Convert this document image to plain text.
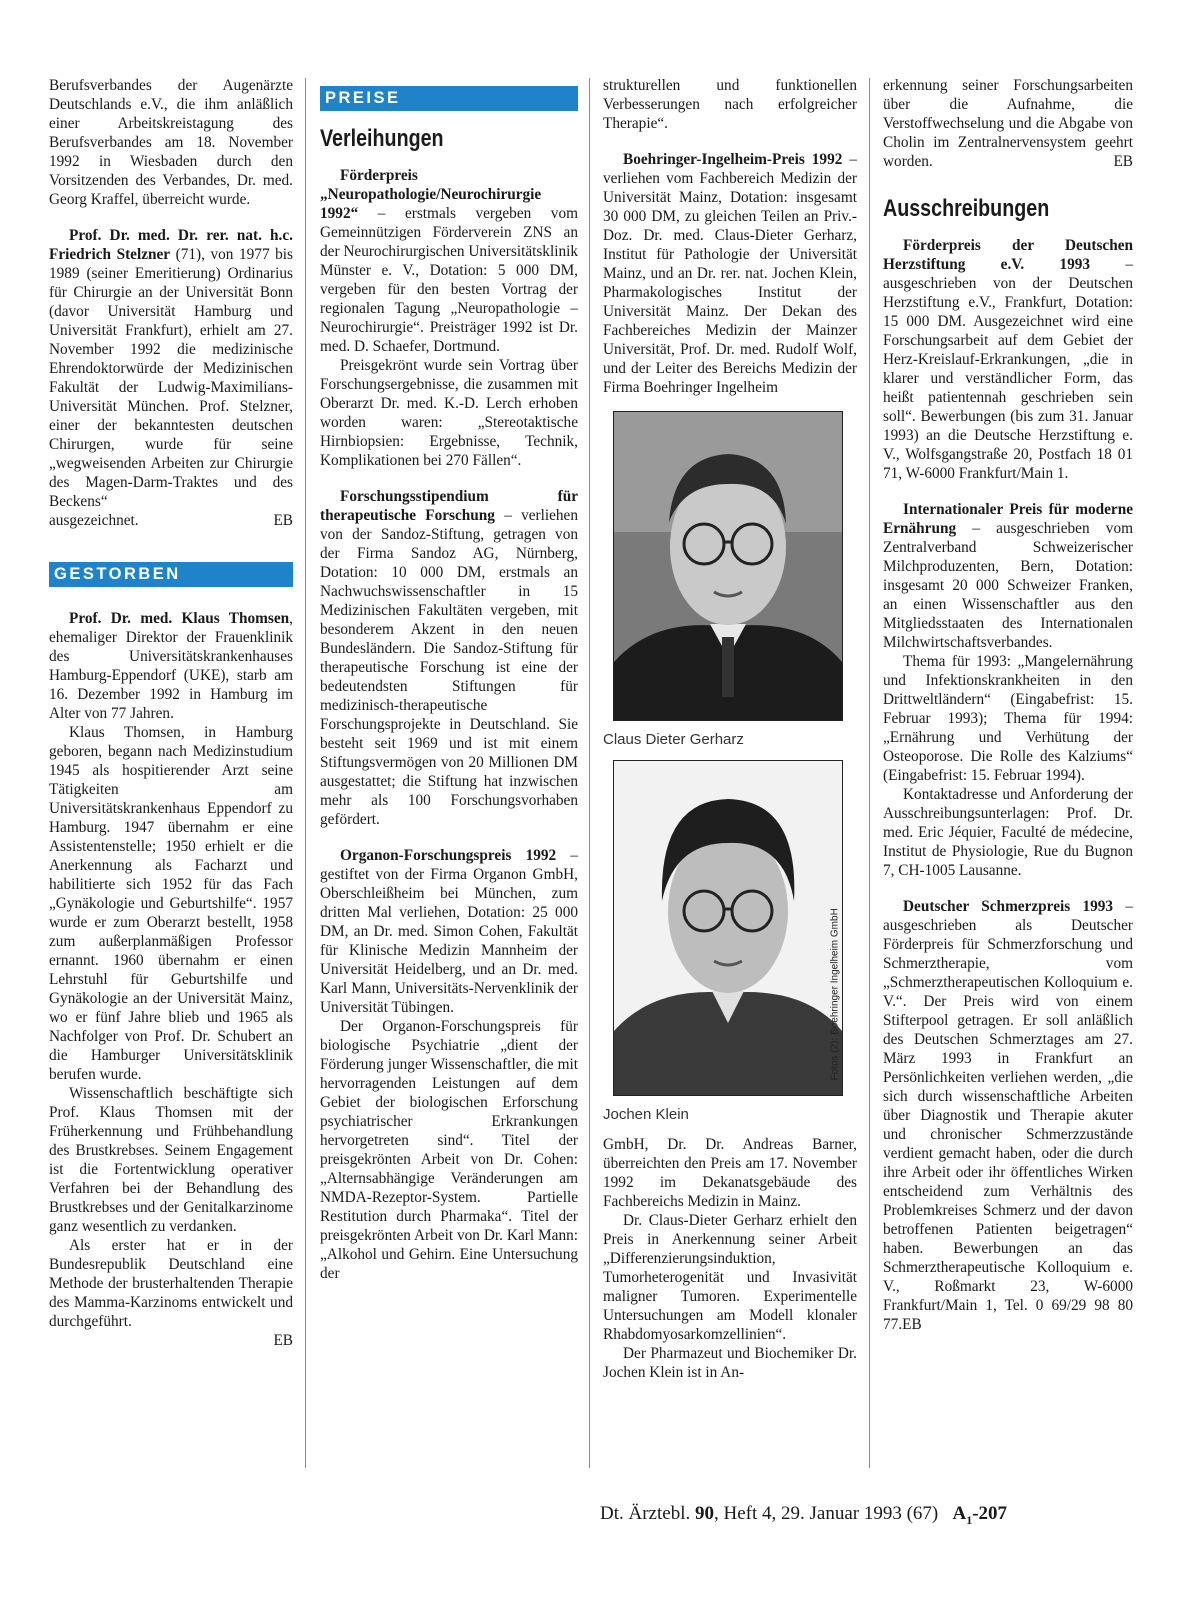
Berufsverbandes der Augenärzte Deutschlands e.V., die ihm anläßlich einer Arbeitskreistagung des Berufsverbandes am 18. November 1992 in Wiesbaden durch den Vorsitzenden des Verbandes, Dr. med. Georg Kraffel, überreicht wurde.

Prof. Dr. med. Dr. rer. nat. h.c. Friedrich Stelzner (71), von 1977 bis 1989 (seiner Emeritierung) Ordinarius für Chirurgie an der Universität Bonn (davor Universität Hamburg und Universität Frankfurt), erhielt am 27. November 1992 die medizinische Ehrendoktorwürde der Medizinischen Fakultät der Ludwig-Maximilians-Universität München. Prof. Stelzner, einer der bekanntesten deutschen Chirurgen, wurde für seine „wegweisenden Arbeiten zur Chirurgie des Magen-Darm-Traktes und des Beckens“

ausgezeichnet.	EB
GESTORBEN

Prof. Dr. med. Klaus Thomsen, ehemaliger Direktor der Frauenklinik des Universitätskrankenhauses Hamburg-Eppendorf (UKE), starb am 16. Dezember 1992 in Hamburg im Alter von 77 Jahren.

Klaus Thomsen, in Hamburg geboren, begann nach Medizinstudium 1945 als hospitierender Arzt seine Tätigkeiten am Universitätskrankenhaus Eppendorf zu Hamburg. 1947 übernahm er eine Assistentenstelle; 1950 erhielt er die Anerkennung als Facharzt und habilitierte sich 1952 für das Fach „Gynäkologie und Geburtshilfe“. 1957 wurde er zum Oberarzt bestellt, 1958 zum außerplanmäßigen Professor ernannt. 1960 übernahm er einen Lehrstuhl für Geburtshilfe und Gynäkologie an der Universität Mainz, wo er fünf Jahre blieb und 1965 als Nachfolger von Prof. Dr. Schubert an die Hamburger Universitätsklinik berufen wurde.

Wissenschaftlich beschäftigte sich Prof. Klaus Thomsen mit der Früherkennung und Frühbehandlung des Brustkrebses. Seinem Engagement ist die Fortentwicklung operativer Verfahren bei der Behandlung des Brustkrebses und der Genitalkarzinome ganz wesentlich zu verdanken.

Als erster hat er in der Bundesrepublik Deutschland eine Methode der brusterhaltenden Therapie des Mamma-Karzinoms entwickelt und durchgeführt.

EB
PREISE
Verleihungen

Förderpreis „Neuropathologie/Neurochirurgie 1992“ – erstmals vergeben vom Gemeinnützigen Förderverein ZNS an der Neurochirurgischen Universitätsklinik Münster e. V., Dotation: 5 000 DM, vergeben für den besten Vortrag der regionalen Tagung „Neuropathologie – Neurochirurgie“. Preisträger 1992 ist Dr. med. D. Schaefer, Dortmund.

Preisgekrönt wurde sein Vortrag über Forschungsergebnisse, die zusammen mit Oberarzt Dr. med. K.-D. Lerch erhoben worden waren: „Stereotaktische Hirnbiopsien: Ergebnisse, Technik, Komplikationen bei 270 Fällen“.

Forschungsstipendium für therapeutische Forschung – verliehen von der Sandoz-Stiftung, getragen von der Firma Sandoz AG, Nürnberg, Dotation: 10 000 DM, erstmals an Nachwuchswissenschaftler in 15 Medizinischen Fakultäten vergeben, mit besonderem Akzent in den neuen Bundesländern. Die Sandoz-Stiftung für therapeutische Forschung ist eine der bedeutendsten Stiftungen für medizinisch-therapeutische Forschungsprojekte in Deutschland. Sie besteht seit 1969 und ist mit einem Stiftungsvermögen von 20 Millionen DM ausgestattet; die Stiftung hat inzwischen mehr als 100 Forschungsvorhaben gefördert.

Organon-Forschungspreis 1992 – gestiftet von der Firma Organon GmbH, Oberschleißheim bei München, zum dritten Mal verliehen, Dotation: 25 000 DM, an Dr. med. Simon Cohen, Fakultät für Klinische Medizin Mannheim der Universität Heidelberg, und an Dr. med. Karl Mann, Universitäts-Nervenklinik der Universität Tübingen.

Der Organon-Forschungspreis für biologische Psychiatrie „dient der Förderung junger Wissenschaftler, die mit hervorragenden Leistungen auf dem Gebiet der biologischen Erforschung psychiatrischer Erkrankungen hervorgetreten sind“. Titel der preisgekrönten Arbeit von Dr. Cohen: „Alternsabhängige Veränderungen am NMDA-Rezeptor-System. Partielle Restitution durch Pharmaka“. Titel der preisgekrönten Arbeit von Dr. Karl Mann: „Alkohol und Gehirn. Eine Untersuchung der

strukturellen und funktionellen Verbesserungen nach erfolgreicher Therapie“.

Boehringer-Ingelheim-Preis 1992 – verliehen vom Fachbereich Medizin der Universität Mainz, Dotation: insgesamt 30 000 DM, zu gleichen Teilen an Priv.-Doz. Dr. med. Claus-Dieter Gerharz, Institut für Pathologie der Universität Mainz, und an Dr. rer. nat. Jochen Klein, Pharmakologisches Institut der Universität Mainz. Der Dekan des Fachbereiches Medizin der Mainzer Universität, Prof. Dr. med. Rudolf Wolf, und der Leiter des Bereichs Medizin der Firma Boehringer Ingelheim

Claus Dieter Gerharz
Fotos (2): Boehringer Ingelheim GmbH
Jochen Klein

GmbH, Dr. Dr. Andreas Barner, überreichten den Preis am 17. November 1992 im Dekanatsgebäude des Fachbereichs Medizin in Mainz.

Dr. Claus-Dieter Gerharz erhielt den Preis in Anerkennung seiner Arbeit „Differenzierungsinduktion, Tumorheterogenität und Invasivität maligner Tumoren. Experimentelle Untersuchungen am Modell klonaler Rhabdomyosarkomzellinien“.

Der Pharmazeut und Biochemiker Dr. Jochen Klein ist in An-

erkennung seiner Forschungsarbeiten über die Aufnahme, die Verstoffwechselung und die Abgabe von Cholin im Zentralnervensystem geehrt worden.	EB

Ausschreibungen

Förderpreis der Deutschen Herzstiftung e.V. 1993 – ausgeschrieben von der Deutschen Herzstiftung e.V., Frankfurt, Dotation: 15 000 DM. Ausgezeichnet wird eine Forschungsarbeit auf dem Gebiet der Herz-Kreislauf-Erkrankungen, „die in klarer und verständlicher Form, das heißt patientennah geschrieben sein soll“. Bewerbungen (bis zum 31. Januar 1993) an die Deutsche Herzstiftung e. V., Wolfsgangstraße 20, Postfach 18 01 71, W-6000 Frankfurt/Main 1.

Internationaler Preis für moderne Ernährung – ausgeschrieben vom Zentralverband Schweizerischer Milchproduzenten, Bern, Dotation: insgesamt 20 000 Schweizer Franken, an einen Wissenschaftler aus den Mitgliedsstaaten des Internationalen Milchwirtschaftsverbandes.

Thema für 1993: „Mangelernährung und Infektionskrankheiten in den Drittweltländern“ (Eingabefrist: 15. Februar 1993); Thema für 1994: „Ernährung und Verhütung der Osteoporose. Die Rolle des Kalziums“ (Eingabefrist: 15. Februar 1994).

Kontaktadresse und Anforderung der Ausschreibungsunterlagen: Prof. Dr. med. Eric Jéquier, Faculté de médecine, Institut de Physiologie, Rue du Bugnon 7, CH-1005 Lausanne.

Deutscher Schmerzpreis 1993 – ausgeschrieben als Deutscher Förderpreis für Schmerzforschung und Schmerztherapie, vom „Schmerztherapeutischen Kolloquium e. V.“. Der Preis wird von einem Stifterpool getragen. Er soll anläßlich des Deutschen Schmerztages am 27. März 1993 in Frankfurt an Persönlichkeiten verliehen werden, „die sich durch wissenschaftliche Arbeiten über Diagnostik und Therapie akuter und chronischer Schmerzzustände verdient gemacht haben, oder die durch ihre Arbeit oder ihr öffentliches Wirken entscheidend zum Verhältnis des Problemkreises Schmerz und der davon betroffenen Patienten beigetragen“ haben. Bewerbungen an das Schmerztherapeutische Kolloquium e. V., Roßmarkt 23, W-6000 Frankfurt/Main 1, Tel. 0 69/29 98 80 77.EB

Dt. Ärztebl. 90, Heft 4, 29. Januar 1993 (67) $A_1-207$
